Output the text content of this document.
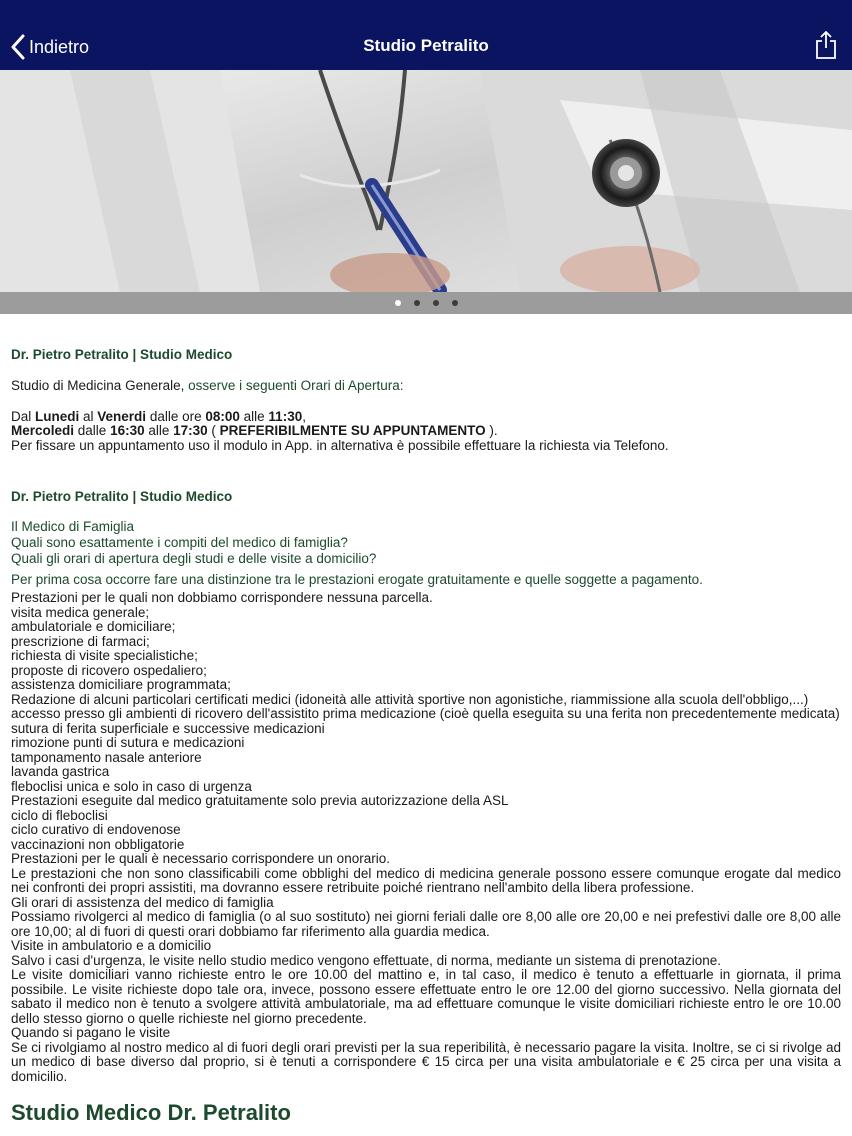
Indietro	Studio Petralito
Dr. Pietro Petralito | Studio Medico
Studio di Medicina Generale, osserve i seguenti Orari di Apertura:
Dal Lunedi al Venerdi dalle ore 08:00 alle 11:30,
Mercoledi dalle 16:30 alle 17:30 ( PREFERIBILMENTE SU APPUNTAMENTO ).
Per fissare un appuntamento uso il modulo in App. in alternativa è possibile effettuare la richiesta via Telefono.
Dr. Pietro Petralito | Studio Medico
Il Medico di Famiglia
Quali sono esattamente i compiti del medico di famiglia?
Quali gli orari di apertura degli studi e delle visite a domicilio?
Per prima cosa occorre fare una distinzione tra le prestazioni erogate gratuitamente e quelle soggette a pagamento.
Prestazioni per le quali non dobbiamo corrispondere nessuna parcella.
visita medica generale;
ambulatoriale e domiciliare;
prescrizione di farmaci;
richiesta di visite specialistiche;
proposte di ricovero ospedaliero;
assistenza domiciliare programmata;
Redazione di alcuni particolari certificati medici (idoneità alle attività sportive non agonistiche, riammissione alla scuola dell'obbligo,...)
accesso presso gli ambienti di ricovero dell'assistito prima medicazione (cioè quella eseguita su una ferita non precedentemente medicata)
sutura di ferita superficiale e successive medicazioni
rimozione punti di sutura e medicazioni
tamponamento nasale anteriore
lavanda gastrica
fleboclisi unica e solo in caso di urgenza
Prestazioni eseguite dal medico gratuitamente solo previa autorizzazione della ASL
ciclo di fleboclisi
ciclo curativo di endovenose
vaccinazioni non obbligatorie
Prestazioni per le quali è necessario corrispondere un onorario.
Le prestazioni che non sono classificabili come obblighi del medico di medicina generale possono essere comunque erogate dal medico nei confronti dei propri assistiti, ma dovranno essere retribuite poiché rientrano nell'ambito della libera professione.
Gli orari di assistenza del medico di famiglia
Possiamo rivolgerci al medico di famiglia (o al suo sostituto) nei giorni feriali dalle ore 8,00 alle ore 20,00 e nei prefestivi dalle ore 8,00 alle ore 10,00; al di fuori di questi orari dobbiamo far riferimento alla guardia medica.
Visite in ambulatorio e a domicilio
Salvo i casi d'urgenza, le visite nello studio medico vengono effettuate, di norma, mediante un sistema di prenotazione.
Le visite domiciliari vanno richieste entro le ore 10.00 del mattino e, in tal caso, il medico è tenuto a effettuarle in giornata, il prima possibile. Le visite richieste dopo tale ora, invece, possono essere effettuate entro le ore 12.00 del giorno successivo. Nella giornata del sabato il medico non è tenuto a svolgere attività ambulatoriale, ma ad effettuare comunque le visite domiciliari richieste entro le ore 10.00 dello stesso giorno o quelle richieste nel giorno precedente.
Quando si pagano le visite
Se ci rivolgiamo al nostro medico al di fuori degli orari previsti per la sua reperibilità, è necessario pagare la visita. Inoltre, se ci si rivolge ad un medico di base diverso dal proprio, si è tenuti a corrispondere € 15 circa per una visita ambulatoriale e € 25 circa per una visita a domicilio.
Studio Medico Dr. Petralito
